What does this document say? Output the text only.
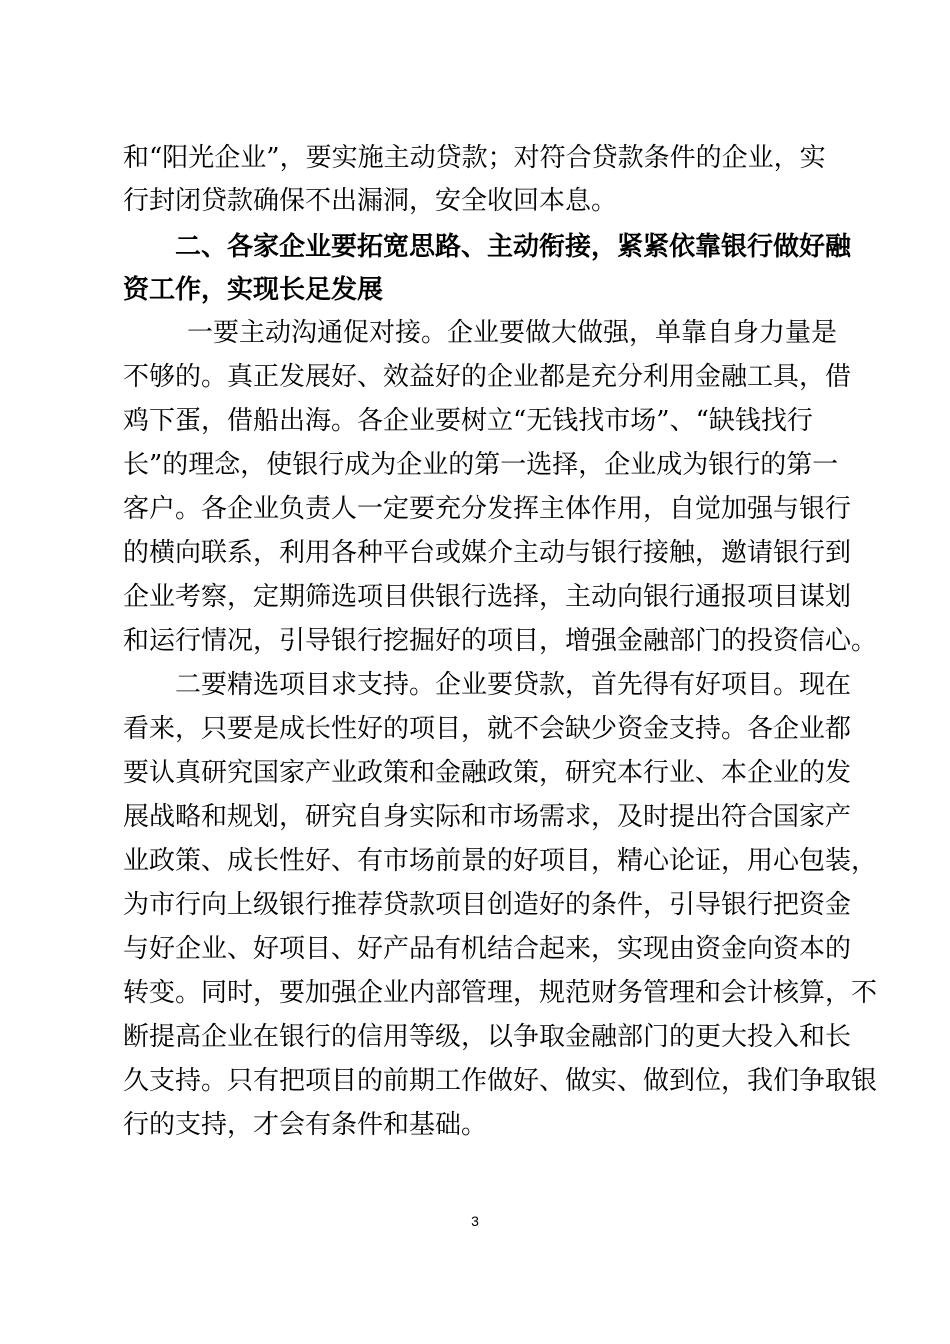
和“阳光企业”，要实施主动贷款；对符合贷款条件的企业，实
行封闭贷款确保不出漏洞，安全收回本息。
二、各家企业要拓宽思路、主动衔接，紧紧依靠银行做好融
资工作，实现长足发展
一要主动沟通促对接。企业要做大做强，单靠自身力量是
不够的。真正发展好、效益好的企业都是充分利用金融工具，借
鸡下蛋，借船出海。各企业要树立“无钱找市场”、“缺钱找行
长”的理念，使银行成为企业的第一选择，企业成为银行的第一
客户。各企业负责人一定要充分发挥主体作用，自觉加强与银行
的横向联系，利用各种平台或媒介主动与银行接触，邀请银行到
企业考察，定期筛选项目供银行选择，主动向银行通报项目谋划
和运行情况，引导银行挖掘好的项目，增强金融部门的投资信心。
二要精选项目求支持。企业要贷款，首先得有好项目。现在
看来，只要是成长性好的项目，就不会缺少资金支持。各企业都
要认真研究国家产业政策和金融政策，研究本行业、本企业的发
展战略和规划，研究自身实际和市场需求，及时提出符合国家产
业政策、成长性好、有市场前景的好项目，精心论证，用心包装，
为市行向上级银行推荐贷款项目创造好的条件，引导银行把资金
与好企业、好项目、好产品有机结合起来，实现由资金向资本的
转变。同时，要加强企业内部管理，规范财务管理和会计核算，不
断提高企业在银行的信用等级，以争取金融部门的更大投入和长
久支持。只有把项目的前期工作做好、做实、做到位，我们争取银
行的支持，才会有条件和基础。
3
